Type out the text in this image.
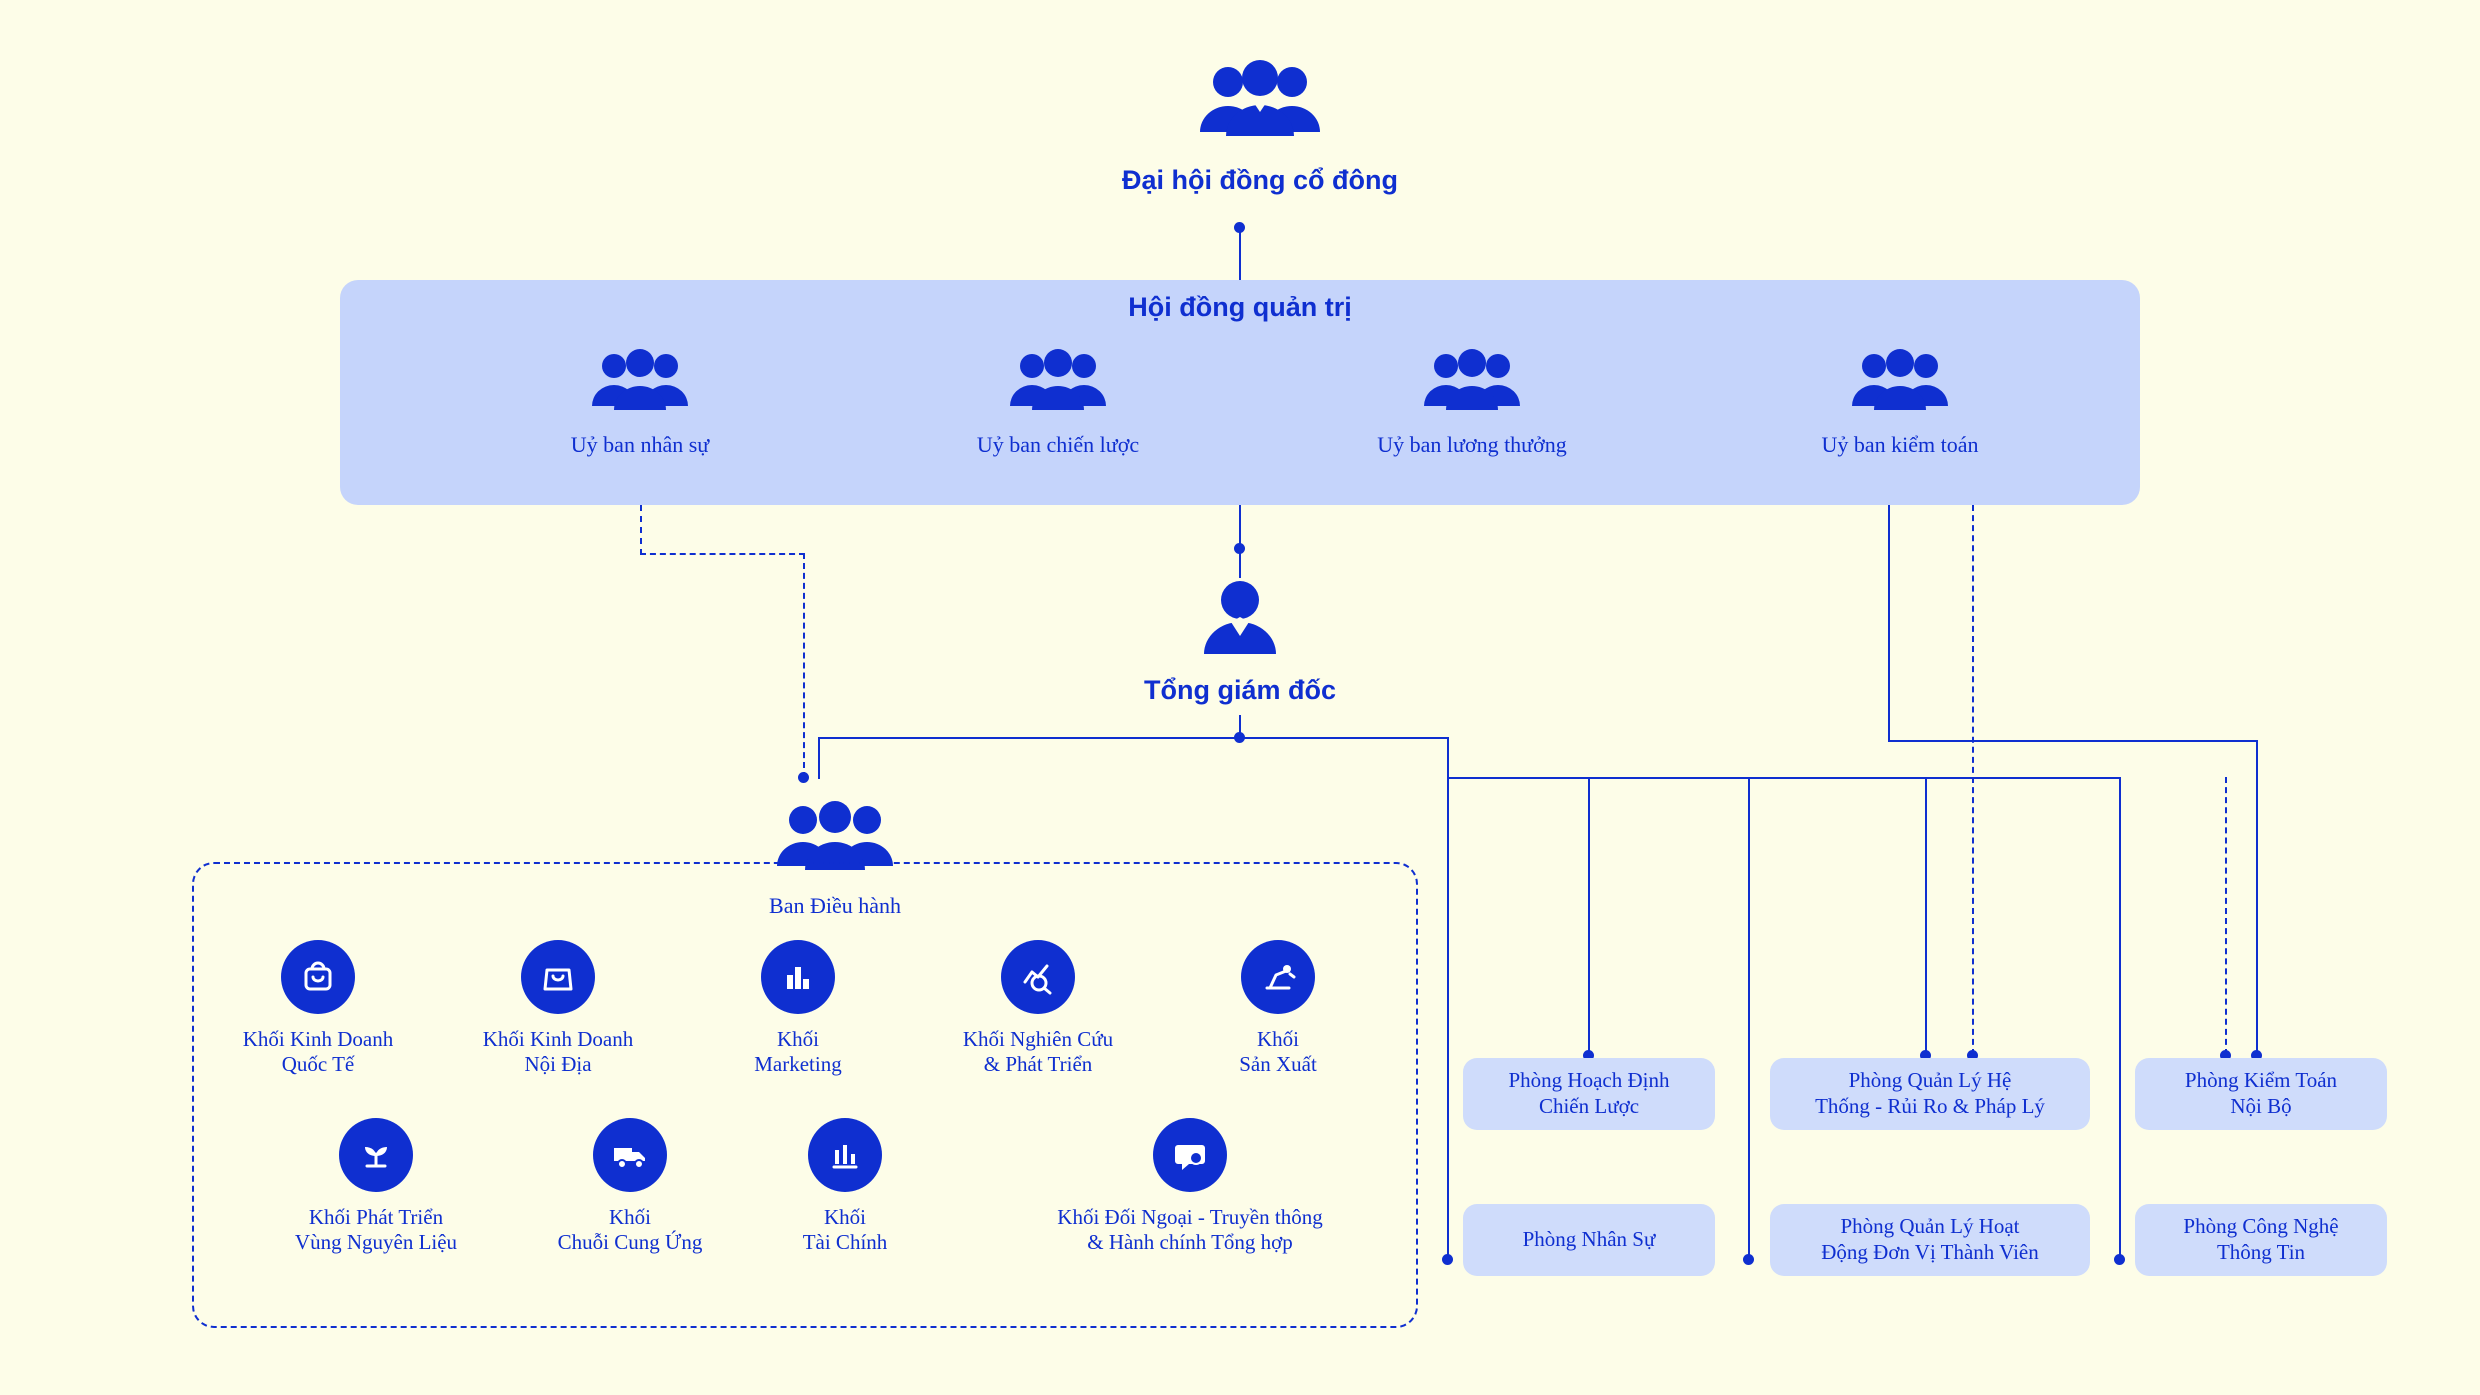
Đại hội đồng cổ đông
Hội đồng quản trị
Uỷ ban nhân sự	Uỷ ban chiến lược	Uỷ ban lương thưởng	Uỷ ban kiểm toán
Tổng giám đốc
Ban Điều hành
Khối Kinh Doanh
Quốc Tế
Khối Kinh Doanh
Nội Địa
Khối
Marketing
Khối Nghiên Cứu
& Phát Triển
Khối
Sản Xuất
Khối Phát Triển
Vùng Nguyên Liệu
Khối
Chuỗi Cung Ứng
Khối
Tài Chính
Khối Đối Ngoại - Truyền thông
& Hành chính Tổng hợp
Phòng Hoạch Định
Chiến Lược
Phòng Quản Lý Hệ
Thống - Rủi Ro & Pháp Lý
Phòng Kiểm Toán
Nội Bộ
Phòng Nhân Sự
Phòng Quản Lý Hoạt
Động Đơn Vị Thành Viên
Phòng Công Nghệ
Thông Tin
